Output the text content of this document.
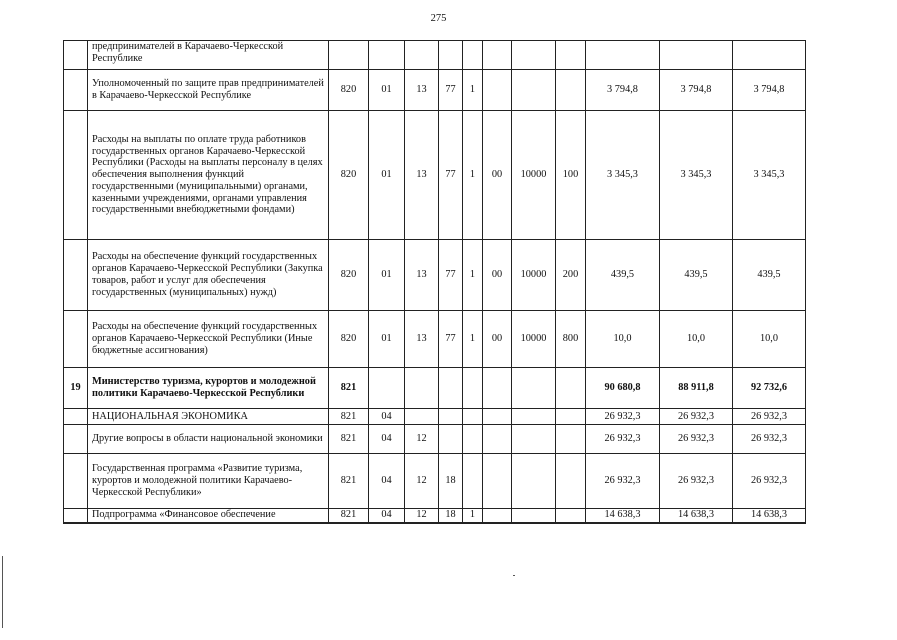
275
	предпринимателей в Карачаево-Черкесской Республике											
	Уполномоченный по защите прав предпринимателей в Карачаево-Черкесской Республике	820	01	13	77	1				3 794,8	3 794,8	3 794,8
	Расходы на выплаты по оплате труда работников государственных органов Карачаево-Черкесской Республики (Расходы на выплаты персоналу в целях обеспечения выполнения функций государственными (муниципальными) органами, казенными учреждениями, органами управления государственными внебюджетными фондами)	820	01	13	77	1	00	10000	100	3 345,3	3 345,3	3 345,3
	Расходы на обеспечение функций государственных органов Карачаево-Черкесской Республики (Закупка товаров, работ и услуг для обеспечения государственных (муниципальных) нужд)	820	01	13	77	1	00	10000	200	439,5	439,5	439,5
	Расходы на обеспечение функций государственных органов Карачаево-Черкесской Республики (Иные бюджетные ассигнования)	820	01	13	77	1	00	10000	800	10,0	10,0	10,0
19	Министерство туризма, курортов и молодежной политики Карачаево-Черкесской Республики	821								90 680,8	88 911,8	92 732,6
	НАЦИОНАЛЬНАЯ ЭКОНОМИКА	821	04							26 932,3	26 932,3	26 932,3
	Другие вопросы в области национальной экономики	821	04	12						26 932,3	26 932,3	26 932,3
	Государственная программа «Развитие туризма, курортов и молодежной политики Карачаево-Черкесской Республики»	821	04	12	18					26 932,3	26 932,3	26 932,3
	Подпрограмма «Финансовое обеспечение	821	04	12	18	1				14 638,3	14 638,3	14 638,3
